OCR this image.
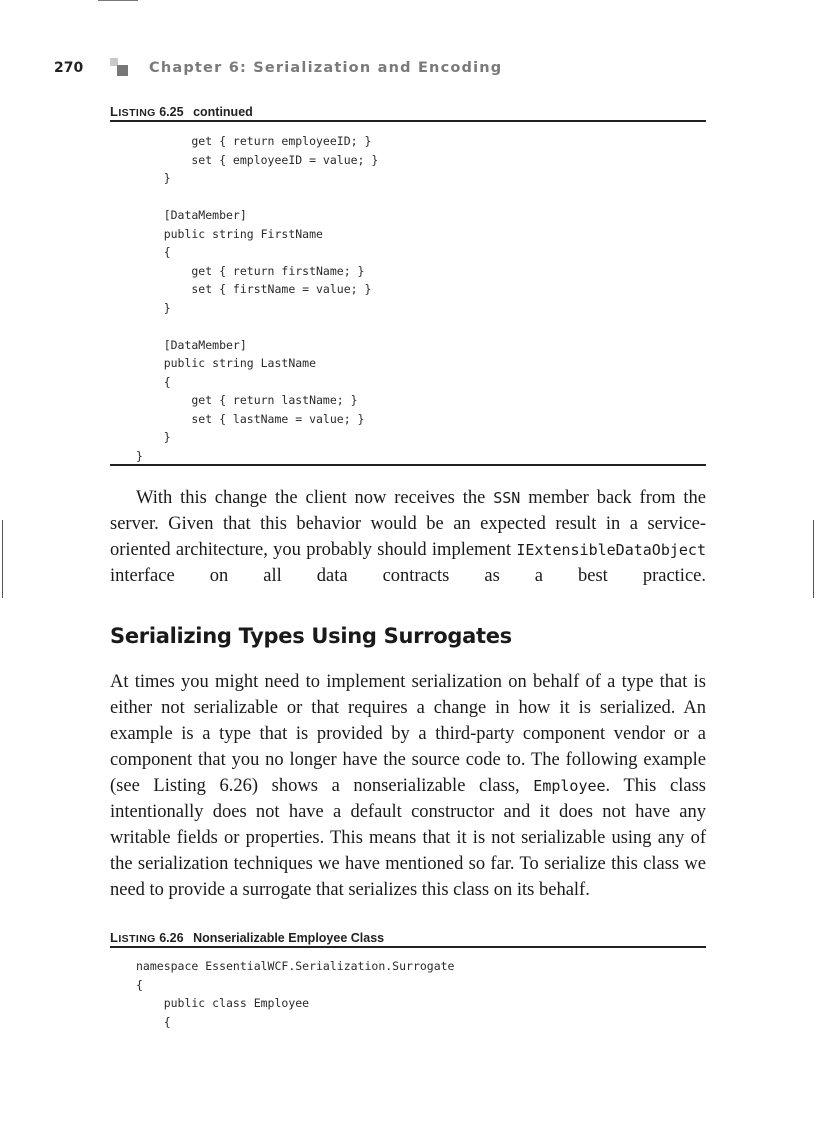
270	Chapter 6: Serialization and Encoding
LISTING 6.25 continued
get { return employeeID; }
set { employeeID = value; }
}

[DataMember]
public string FirstName
{
get { return firstName; }
set { firstName = value; }
}

[DataMember]
public string LastName
{
get { return lastName; }
set { lastName = value; }
}
}

With this change the client now receives the SSN member back from the server. Given that this behavior would be an expected result in a service-oriented architecture, you probably should implement IExtensibleDataObject interface on all data contracts as a best practice.

Serializing Types Using Surrogates

At times you might need to implement serialization on behalf of a type that is either not serializable or that requires a change in how it is serialized. An example is a type that is provided by a third-party component vendor or a component that you no longer have the source code to. The following example (see Listing 6.26) shows a nonserializable class, Employee. This class intentionally does not have a default constructor and it does not have any writable fields or properties. This means that it is not serializable using any of the serialization techniques we have mentioned so far. To serialize this class we need to provide a surrogate that serializes this class on its behalf.

LISTING 6.26 Nonserializable Employee Class
namespace EssentialWCF.Serialization.Surrogate
{
public class Employee
{
